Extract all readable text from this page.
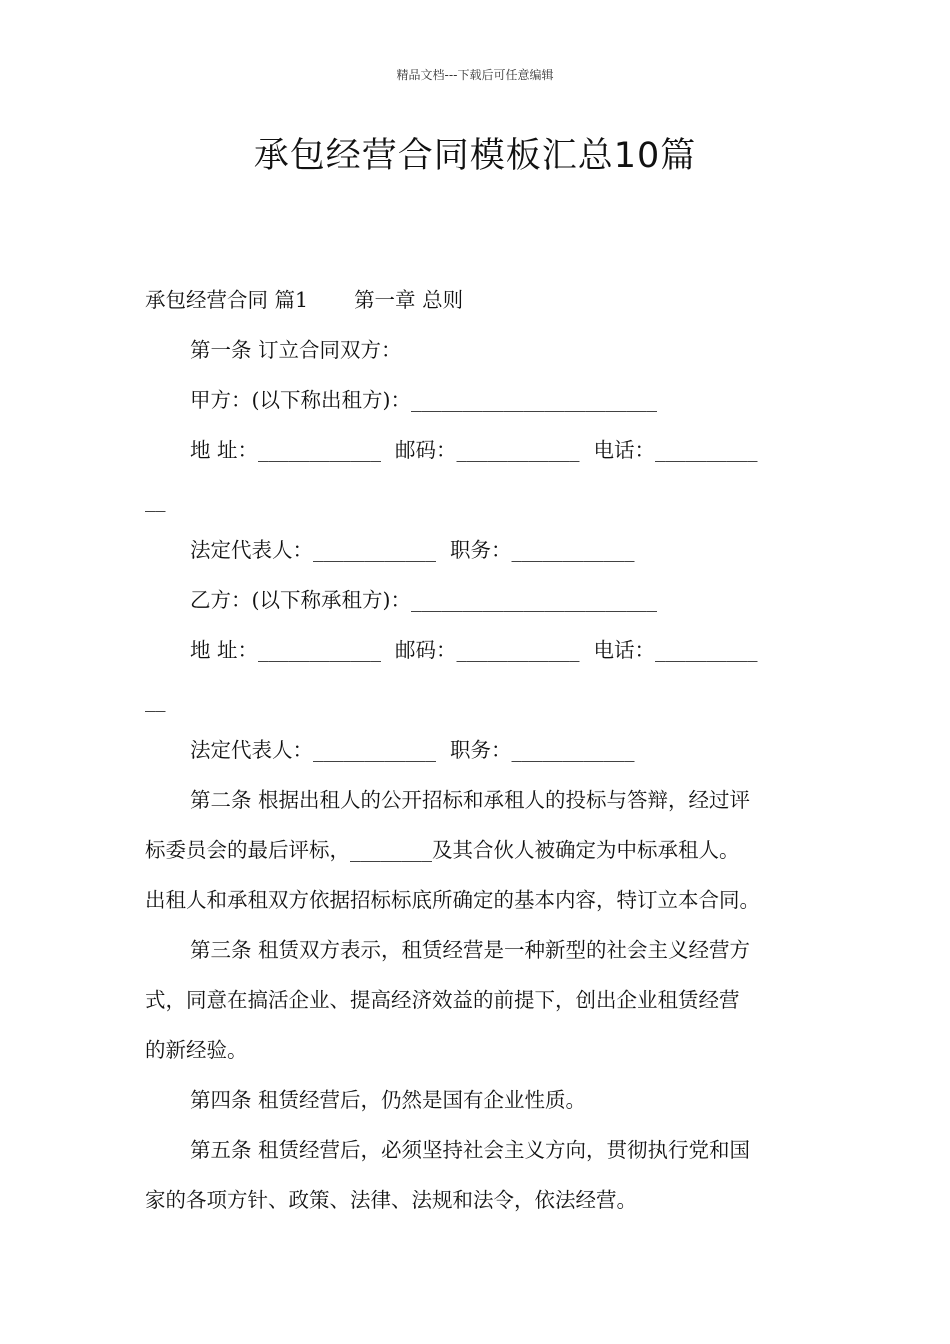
精品文档---下载后可任意编辑
承包经营合同模板汇总10篇
承包经营合同 篇1 第一章 总则
第一条 订立合同双方：
甲方：(以下称出租方)：________________________
地 址：____________ 邮码：____________ 电话：__________
__
法定代表人：____________ 职务：____________
乙方：(以下称承租方)：________________________
地 址：____________ 邮码：____________ 电话：__________
__
法定代表人：____________ 职务：____________
第二条 根据出租人的公开招标和承租人的投标与答辩，经过评
标委员会的最后评标，________及其合伙人被确定为中标承租人。
出租人和承租双方依据招标标底所确定的基本内容，特订立本合同。
第三条 租赁双方表示，租赁经营是一种新型的社会主义经营方
式，同意在搞活企业、提高经济效益的前提下，创出企业租赁经营
的新经验。
第四条 租赁经营后，仍然是国有企业性质。
第五条 租赁经营后，必须坚持社会主义方向，贯彻执行党和国
家的各项方针、政策、法律、法规和法令，依法经营。
